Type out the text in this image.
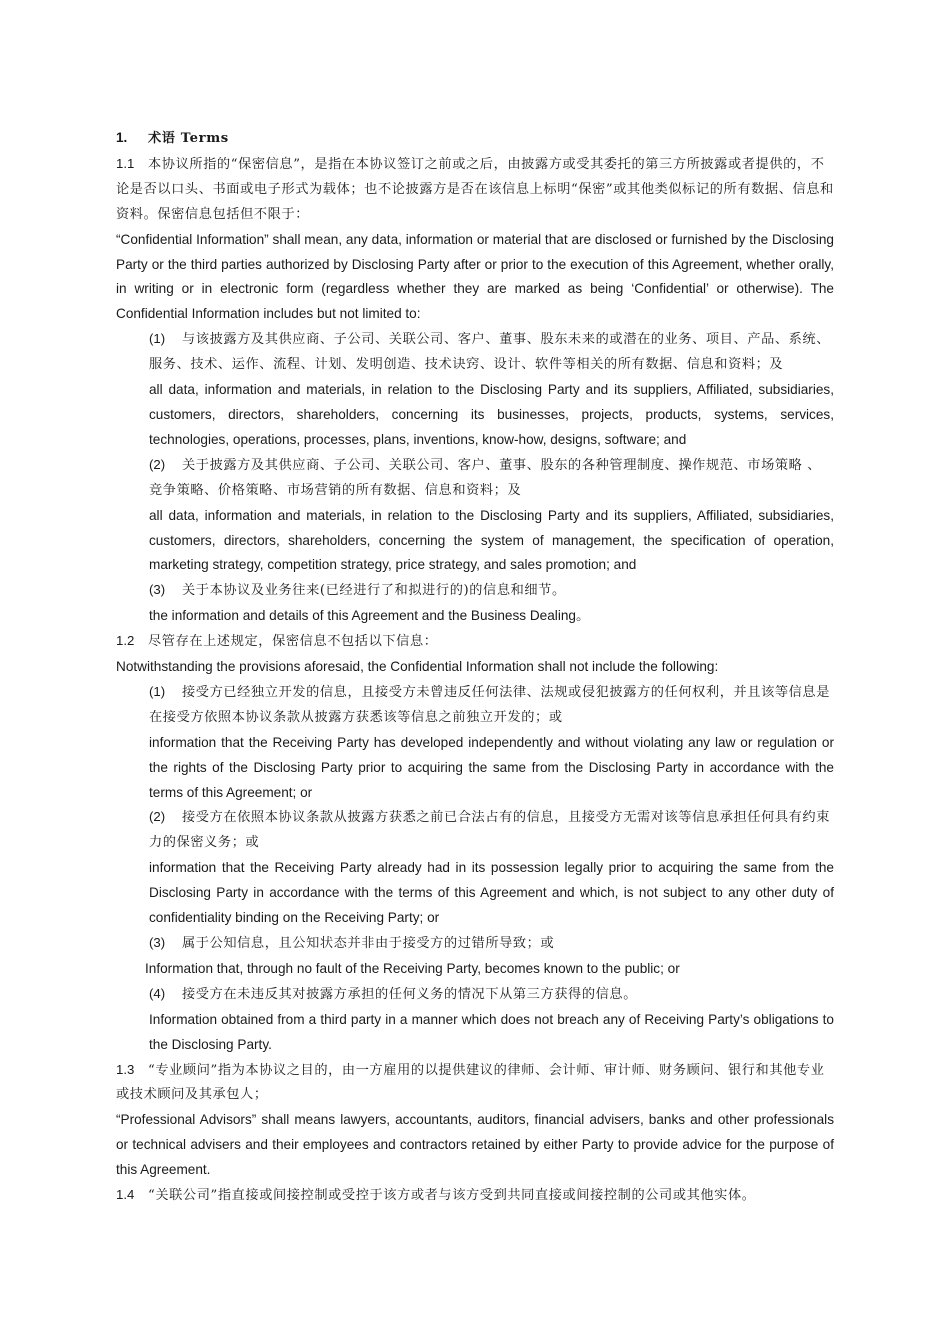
1. 术语 Terms
1.1 本协议所指的“保密信息”，是指在本协议签订之前或之后，由披露方或受其委托的第三方所披露或者提供的，不论是否以口头、书面或电子形式为载体；也不论披露方是否在该信息上标明“保密”或其他类似标记的所有数据、信息和资料。保密信息包括但不限于：
“Confidential Information” shall mean, any data, information or material that are disclosed or furnished by the Disclosing Party or the third parties authorized by Disclosing Party after or prior to the execution of this Agreement, whether orally, in writing or in electronic form (regardless whether they are marked as being ‘Confidential’ or otherwise). The Confidential Information includes but not limited to:
(1) 与该披露方及其供应商、子公司、关联公司、客户、董事、股东未来的或潜在的业务、项目、产品、系统、服务、技术、运作、流程、计划、发明创造、技术诀窍、设计、软件等相关的所有数据、信息和资料；及
all data, information and materials, in relation to the Disclosing Party and its suppliers, Affiliated, subsidiaries, customers, directors, shareholders, concerning its businesses, projects, products, systems, services, technologies, operations, processes, plans, inventions, know-how, designs, software; and
(2) 关于披露方及其供应商、子公司、关联公司、客户、董事、股东的各种管理制度、操作规范、市场策略 、竞争策略、价格策略、市场营销的所有数据、信息和资料；及
all data, information and materials, in relation to the Disclosing Party and its suppliers, Affiliated, subsidiaries, customers, directors, shareholders, concerning the system of management, the specification of operation, marketing strategy, competition strategy, price strategy, and sales promotion; and
(3) 关于本协议及业务往来(已经进行了和拟进行的)的信息和细节。
the information and details of this Agreement and the Business Dealing。
1.2 尽管存在上述规定，保密信息不包括以下信息：
Notwithstanding the provisions aforesaid, the Confidential Information shall not include the following:
(1) 接受方已经独立开发的信息，且接受方未曾违反任何法律、法规或侵犯披露方的任何权利，并且该等信息是在接受方依照本协议条款从披露方获悉该等信息之前独立开发的；或
information that the Receiving Party has developed independently and without violating any law or regulation or the rights of the Disclosing Party prior to acquiring the same from the Disclosing Party in accordance with the terms of this Agreement; or
(2) 接受方在依照本协议条款从披露方获悉之前已合法占有的信息，且接受方无需对该等信息承担任何具有约束力的保密义务；或
information that the Receiving Party already had in its possession legally prior to acquiring the same from the Disclosing Party in accordance with the terms of this Agreement and which, is not subject to any other duty of confidentiality binding on the Receiving Party; or
(3) 属于公知信息，且公知状态并非由于接受方的过错所导致；或
Information that, through no fault of the Receiving Party, becomes known to the public; or
(4) 接受方在未违反其对披露方承担的任何义务的情况下从第三方获得的信息。
Information obtained from a third party in a manner which does not breach any of Receiving Party’s obligations to the Disclosing Party.
1.3 “专业顾问”指为本协议之目的，由一方雇用的以提供建议的律师、会计师、审计师、财务顾问、银行和其他专业或技术顾问及其承包人；
“Professional Advisors” shall means lawyers, accountants, auditors, financial advisers, banks and other professionals or technical advisers and their employees and contractors retained by either Party to provide advice for the purpose of this Agreement.
1.4 “关联公司”指直接或间接控制或受控于该方或者与该方受到共同直接或间接控制的公司或其他实体。
